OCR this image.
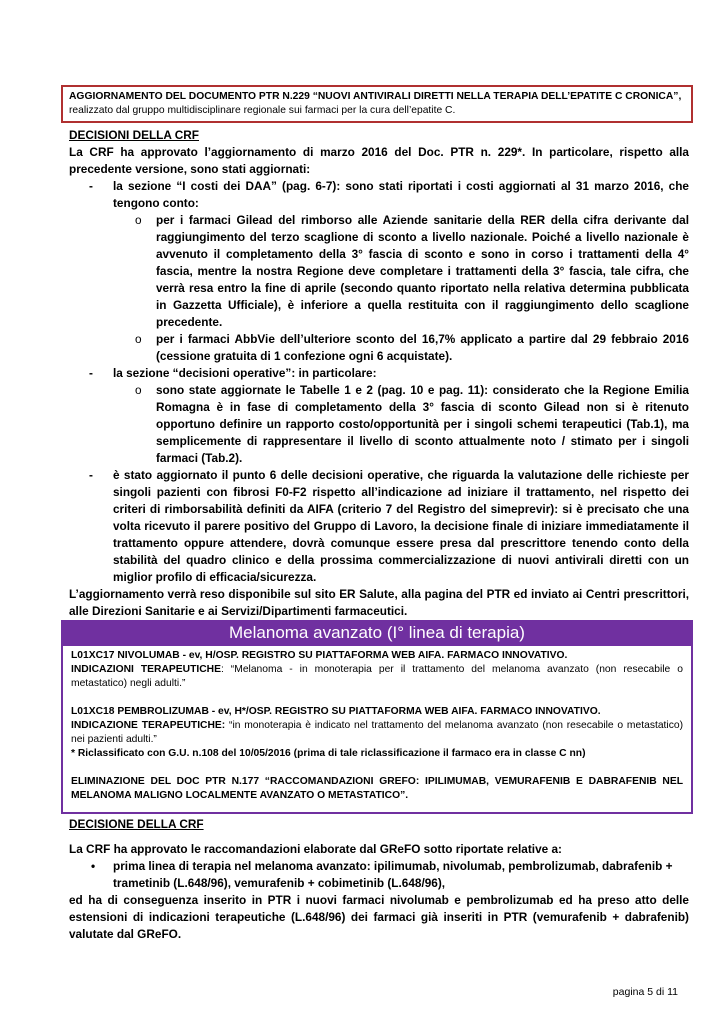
AGGIORNAMENTO DEL DOCUMENTO PTR N.229 “NUOVI ANTIVIRALI DIRETTI NELLA TERAPIA DELL’EPATITE C CRONICA”,
realizzato dal gruppo multidisciplinare regionale sui farmaci per la cura dell’epatite C.
DECISIONI DELLA CRF

La CRF ha approvato l’aggiornamento di marzo 2016 del Doc. PTR n. 229*. In particolare, rispetto alla precedente versione, sono stati aggiornati:

- la sezione “I costi dei DAA” (pag. 6-7): sono stati riportati i costi aggiornati al 31 marzo 2016, che tengono conto:
o per i farmaci Gilead del rimborso alle Aziende sanitarie della RER della cifra derivante dal raggiungimento del terzo scaglione di sconto a livello nazionale. Poiché a livello nazionale è avvenuto il completamento della 3° fascia di sconto e sono in corso i trattamenti della 4° fascia, mentre la nostra Regione deve completare i trattamenti della 3° fascia, tale cifra, che verrà resa entro la fine di aprile (secondo quanto riportato nella relativa determina pubblicata in Gazzetta Ufficiale), è inferiore a quella restituita con il raggiungimento dello scaglione precedente.
o per i farmaci AbbVie dell’ulteriore sconto del 16,7% applicato a partire dal 29 febbraio 2016 (cessione gratuita di 1 confezione ogni 6 acquistate).
- la sezione “decisioni operative”: in particolare:
o sono state aggiornate le Tabelle 1 e 2 (pag. 10 e pag. 11): considerato che la Regione Emilia Romagna è in fase di completamento della 3° fascia di sconto Gilead non si è ritenuto opportuno definire un rapporto costo/opportunità per i singoli schemi terapeutici (Tab.1), ma semplicemente di rappresentare il livello di sconto attualmente noto / stimato per i singoli farmaci (Tab.2).
- è stato aggiornato il punto 6 delle decisioni operative, che riguarda la valutazione delle richieste per singoli pazienti con fibrosi F0-F2 rispetto all’indicazione ad iniziare il trattamento, nel rispetto dei criteri di rimborsabilità definiti da AIFA (criterio 7 del Registro del simeprevir): si è precisato che una volta ricevuto il parere positivo del Gruppo di Lavoro, la decisione finale di iniziare immediatamente il trattamento oppure attendere, dovrà comunque essere presa dal prescrittore tenendo conto della stabilità del quadro clinico e della prossima commercializzazione di nuovi antivirali diretti con un miglior profilo di efficacia/sicurezza.

L’aggiornamento verrà reso disponibile sul sito ER Salute, alla pagina del PTR ed inviato ai Centri prescrittori, alle Direzioni Sanitarie e ai Servizi/Dipartimenti farmaceutici.

Melanoma avanzato (I° linea di terapia)
L01XC17 NIVOLUMAB - ev, H/OSP. REGISTRO SU PIATTAFORMA WEB AIFA. FARMACO INNOVATIVO.
INDICAZIONI TERAPEUTICHE: “Melanoma - in monoterapia per il trattamento del melanoma avanzato (non resecabile o metastatico) negli adulti.”
L01XC18 PEMBROLIZUMAB - ev, H*/OSP. REGISTRO SU PIATTAFORMA WEB AIFA. FARMACO INNOVATIVO.
INDICAZIONE TERAPEUTICHE: “in monoterapia è indicato nel trattamento del melanoma avanzato (non resecabile o metastatico) nei pazienti adulti.”
* Riclassificato con G.U. n.108 del 10/05/2016 (prima di tale riclassificazione il farmaco era in classe C nn)
ELIMINAZIONE DEL DOC PTR N.177 “RACCOMANDAZIONI GREFO: IPILIMUMAB, VEMURAFENIB E DABRAFENIB NEL MELANOMA MALIGNO LOCALMENTE AVANZATO O METASTATICO”.
DECISIONE DELLA CRF

La CRF ha approvato le raccomandazioni elaborate dal GReFO sotto riportate relative a:

• prima linea di terapia nel melanoma avanzato: ipilimumab, nivolumab, pembrolizumab, dabrafenib + trametinib (L.648/96), vemurafenib + cobimetinib (L.648/96),

ed ha di conseguenza inserito in PTR i nuovi farmaci nivolumab e pembrolizumab ed ha preso atto delle estensioni di indicazioni terapeutiche (L.648/96) dei farmaci già inseriti in PTR (vemurafenib + dabrafenib) valutate dal GReFO.

pagina 5 di 11
